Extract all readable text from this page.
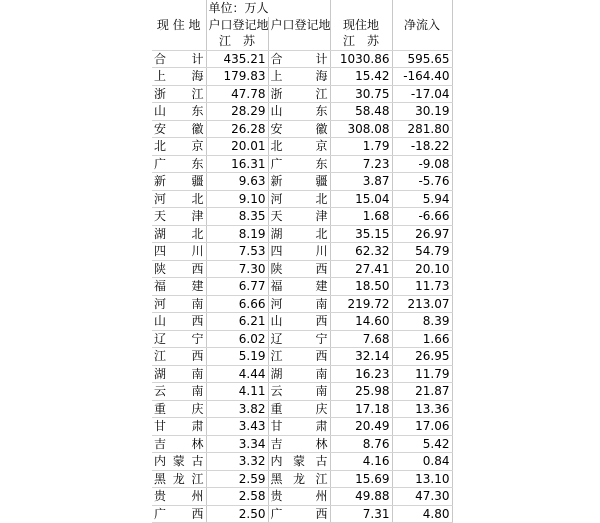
	单位：万人			
现 住 地	户口登记地	户口登记地	现住地	净流入
	江　苏		江　苏	
合　计	435.21	合　计	1030.86	595.65
上　海	179.83	上　海	15.42	-164.40
浙　江	47.78	浙　江	30.75	-17.04
山　东	28.29	山　东	58.48	30.19
安　徽	26.28	安　徽	308.08	281.80
北　京	20.01	北　京	1.79	-18.22
广　东	16.31	广　东	7.23	-9.08
新　疆	9.63	新　疆	3.87	-5.76
河　北	9.10	河　北	15.04	5.94
天　津	8.35	天　津	1.68	-6.66
湖　北	8.19	湖　北	35.15	26.97
四　川	7.53	四　川	62.32	54.79
陕　西	7.30	陕　西	27.41	20.10
福　建	6.77	福　建	18.50	11.73
河　南	6.66	河　南	219.72	213.07
山　西	6.21	山　西	14.60	8.39
辽　宁	6.02	辽　宁	7.68	1.66
江　西	5.19	江　西	32.14	26.95
湖　南	4.44	湖　南	16.23	11.79
云　南	4.11	云　南	25.98	21.87
重　庆	3.82	重　庆	17.18	13.36
甘　肃	3.43	甘　肃	20.49	17.06
吉　林	3.34	吉　林	8.76	5.42
内蒙古	3.32	内蒙古	4.16	0.84
黑龙江	2.59	黑龙江	15.69	13.10
贵　州	2.58	贵　州	49.88	47.30
广　西	2.50	广　西	7.31	4.80
